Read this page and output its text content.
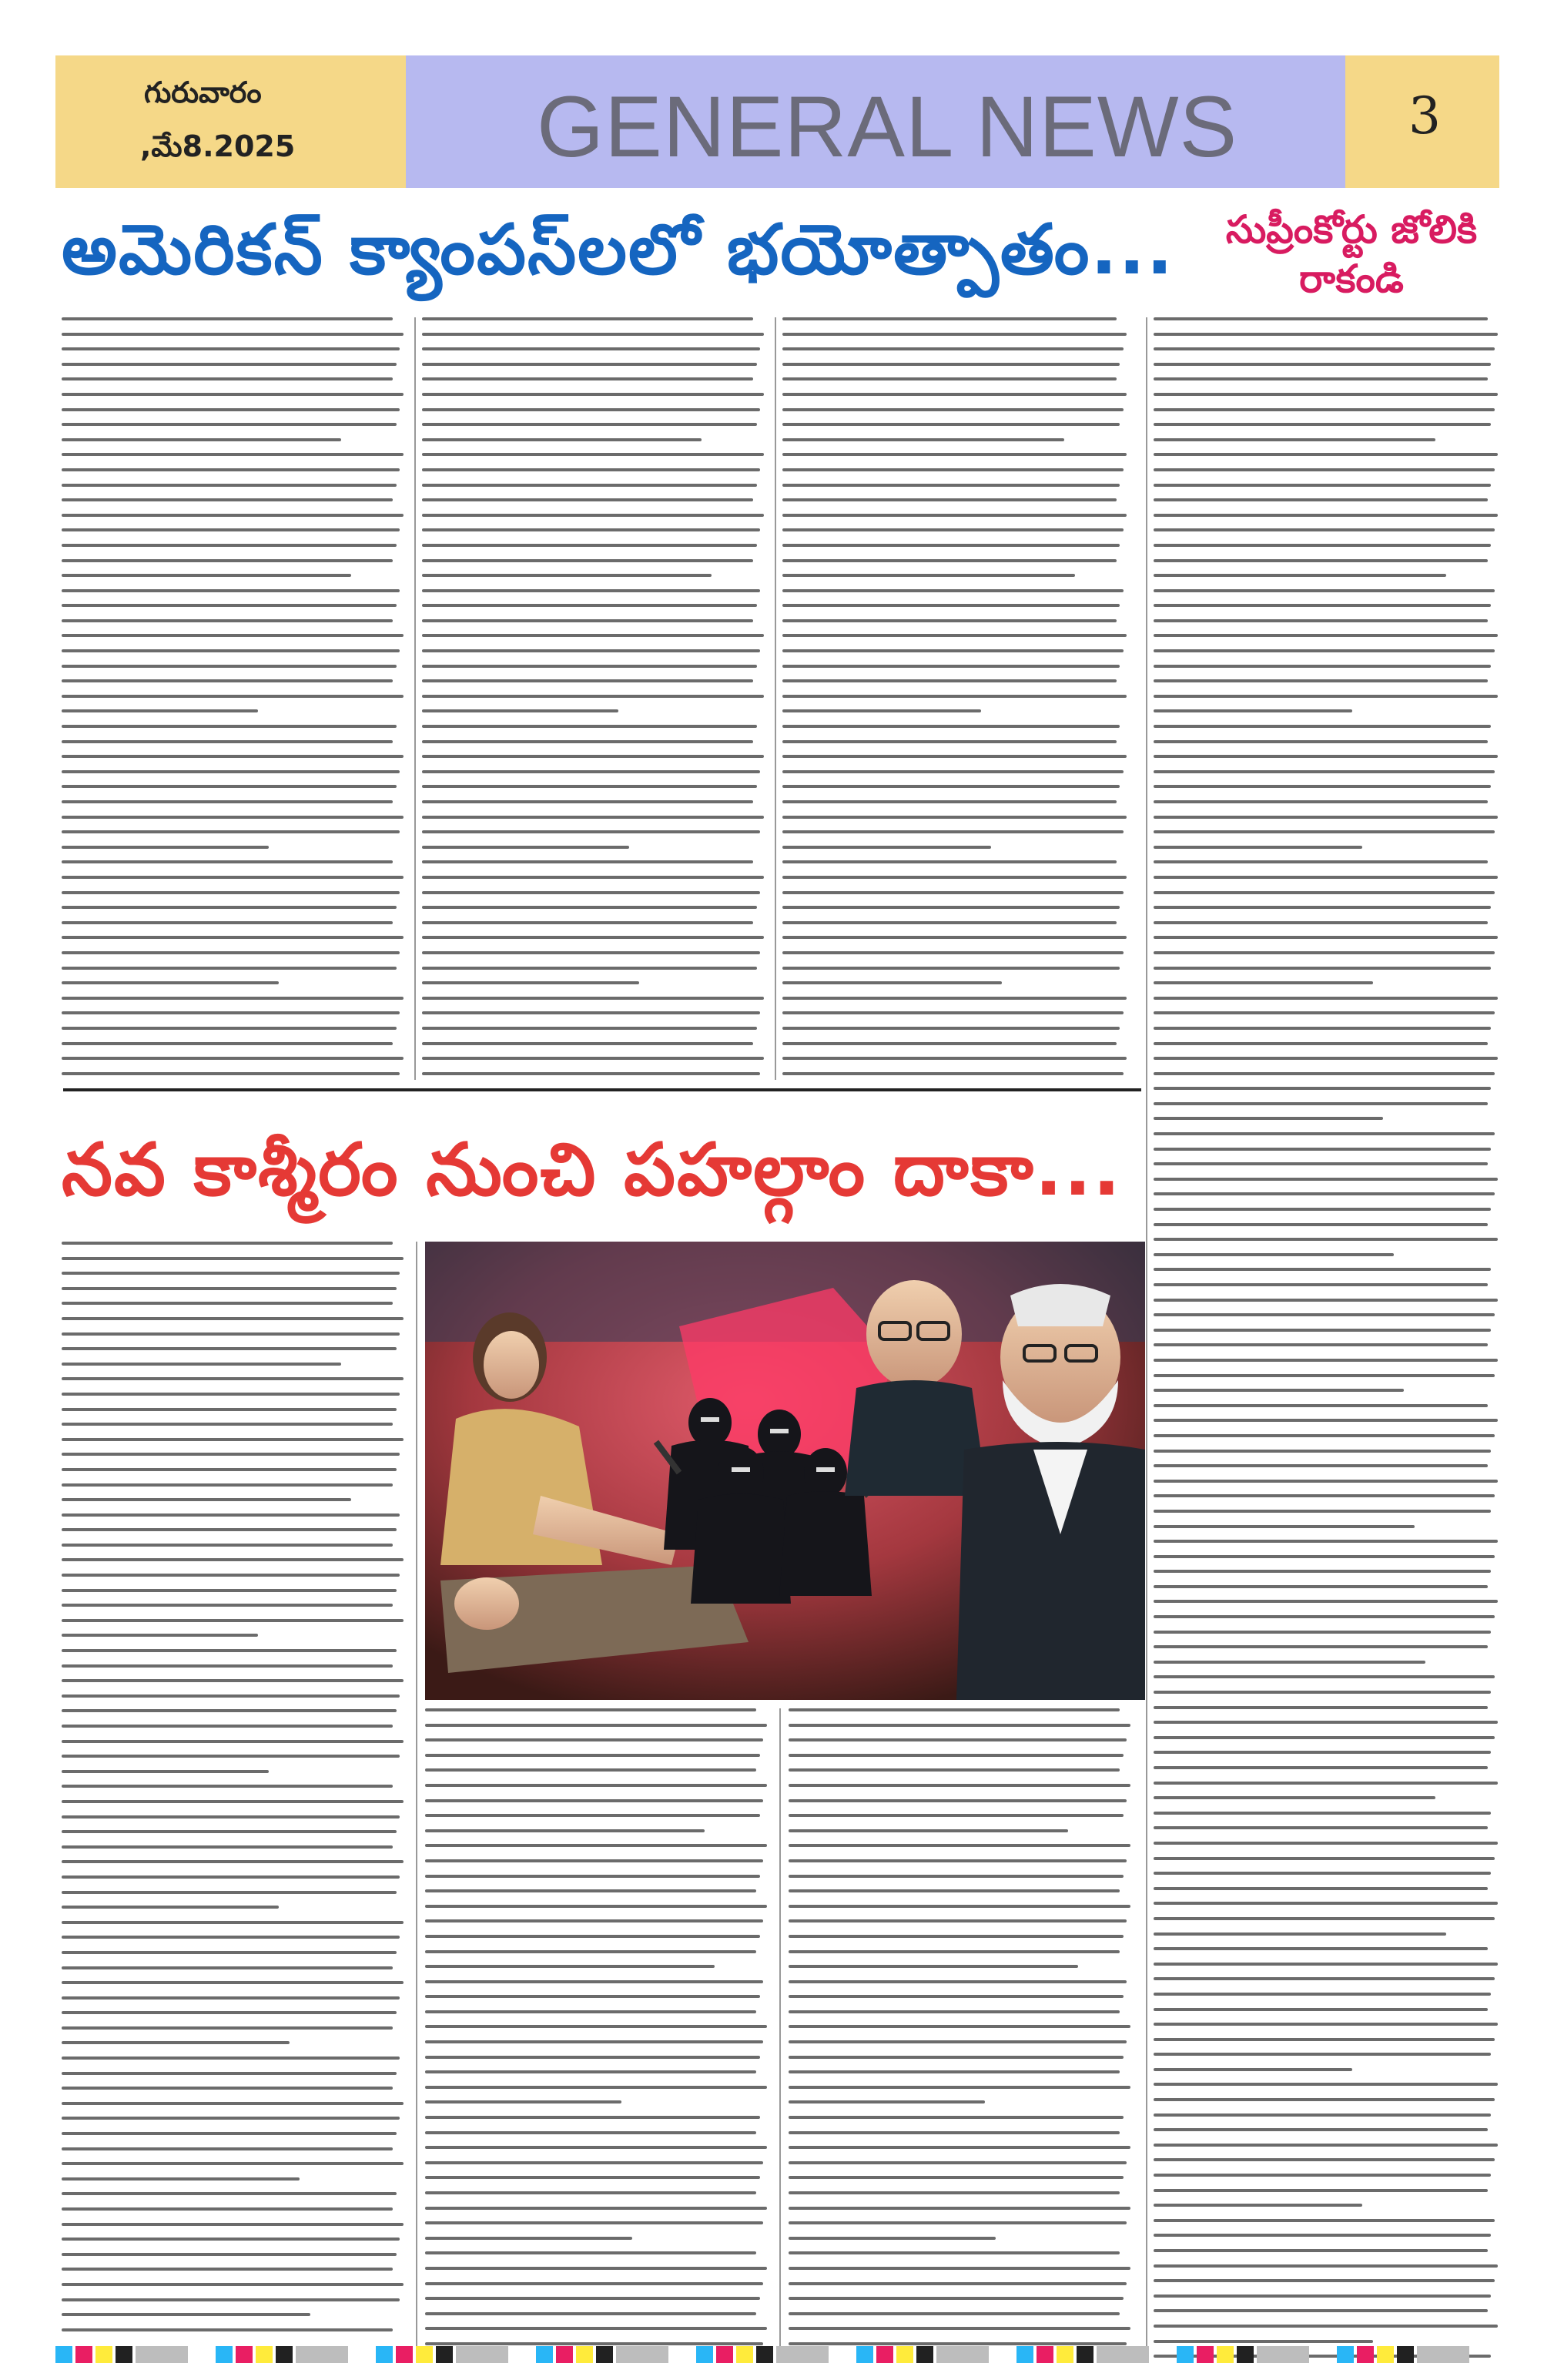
గురువారం
,మే8.2025	GENERAL NEWS	3
అమెరికన్ క్యాంపస్‌లలో భయోత్పాతం...	సుప్రీంకోర్టు జోలికి రాకండి
నవ కాశ్మీరం నుంచి పహల్గాం దాకా...
